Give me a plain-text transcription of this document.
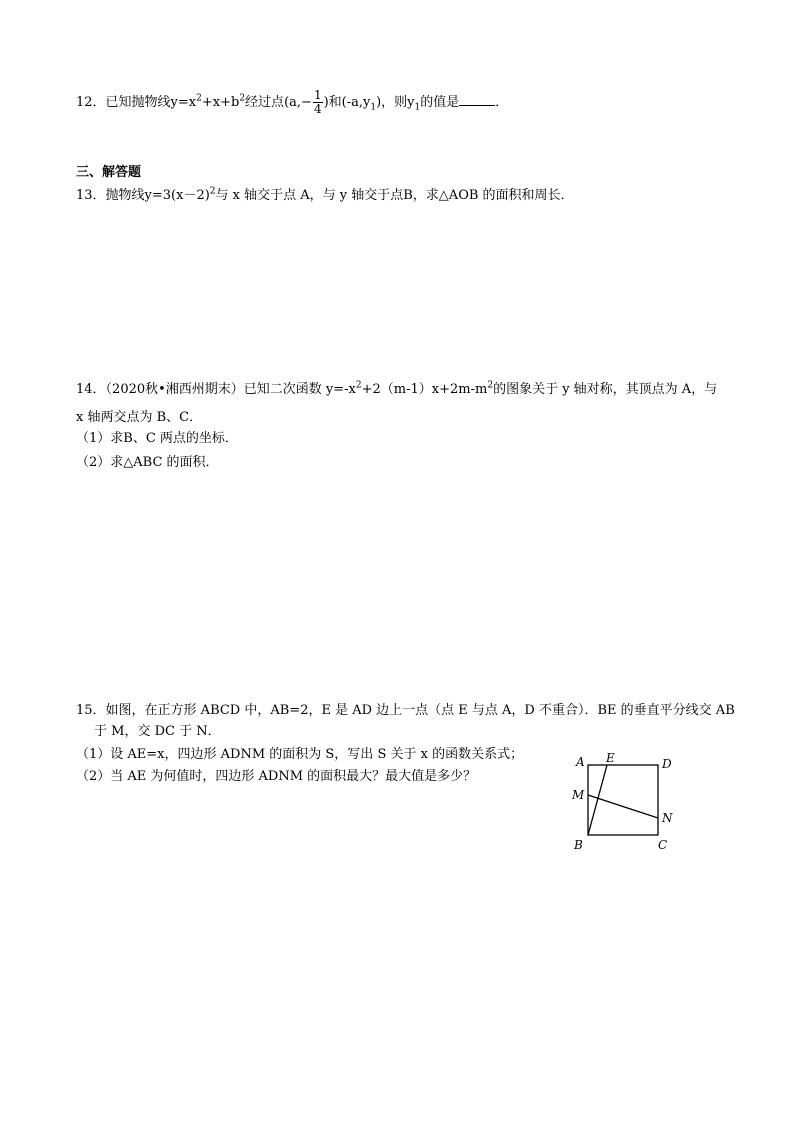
12．已知抛物线$y=x^2+x+b^2$经过点($a,- \frac{1}{4}$ )和$(-a,y_1)$，则$y_1$的值是	．
三、解答题
13．抛物线$y=3(x-2)^2$与 x 轴交于点 A，与 y 轴交于点B，求△AOB 的面积和周长．
14．（2020秋•湘西州期末）已知二次函数 $y=-x^2+2(m-1)x+2m-m^2$的图象关于 y 轴对称，其顶点为 A，与
x 轴两交点为 B、C．
（1）求B、C 两点的坐标．
（2）求△ABC 的面积．
15．如图，在正方形 ABCD 中，AB=2，E 是 AD 边上一点（点 E 与点 A，D 不重合）．BE 的垂直平分线交 AB
于 M，交 DC 于 N．
（1）设 AE=x，四边形 ADNM 的面积为 S，写出 S 关于 x 的函数关系式；
（2）当 AE 为何值时，四边形 ADNM 的面积最大？最大值是多少？
A E	D
M
N
B	C
